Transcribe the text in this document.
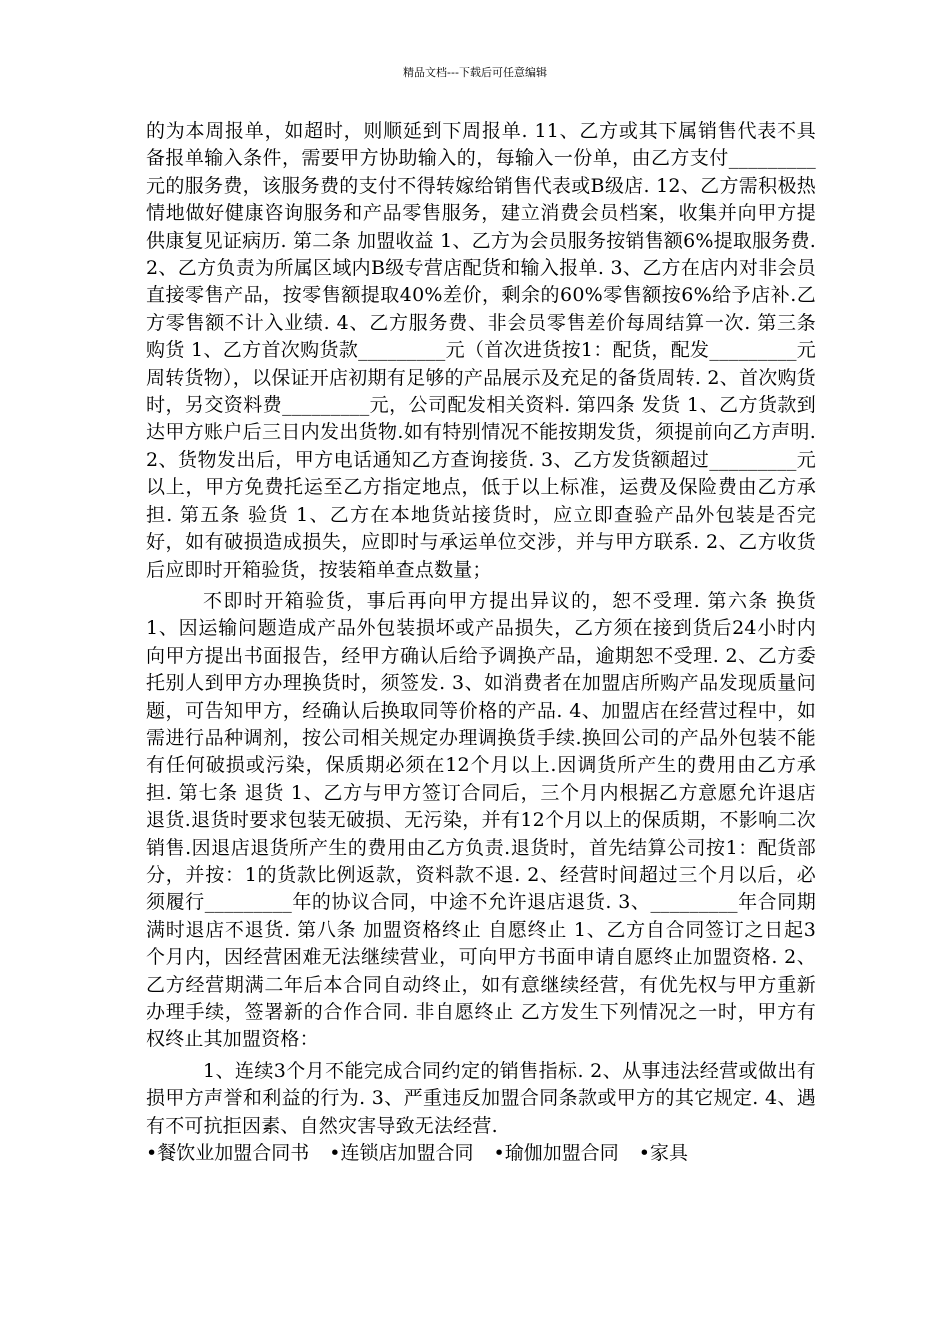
精品文档---下载后可任意编辑

的为本周报单，如超时，则顺延到下周报单. 11、乙方或其下属销售代表不具备报单输入条件，需要甲方协助输入的，每输入一份单，由乙方支付_________元的服务费，该服务费的支付不得转嫁给销售代表或B级店. 12、乙方需积极热情地做好健康咨询服务和产品零售服务，建立消费会员档案，收集并向甲方提供康复见证病历. 第二条 加盟收益 1、乙方为会员服务按销售额6%提取服务费. 2、乙方负责为所属区域内B级专营店配货和输入报单. 3、乙方在店内对非会员直接零售产品，按零售额提取40%差价，剩余的60%零售额按6%给予店补.乙方零售额不计入业绩. 4、乙方服务费、非会员零售差价每周结算一次. 第三条 购货 1、乙方首次购货款_________元（首次进货按1：配货，配发_________元周转货物），以保证开店初期有足够的产品展示及充足的备货周转. 2、首次购货时，另交资料费_________元，公司配发相关资料. 第四条 发货 1、乙方货款到达甲方账户后三日内发出货物.如有特别情况不能按期发货，须提前向乙方声明. 2、货物发出后，甲方电话通知乙方查询接货. 3、乙方发货额超过_________元以上，甲方免费托运至乙方指定地点，低于以上标准，运费及保险费由乙方承担. 第五条 验货 1、乙方在本地货站接货时，应立即查验产品外包装是否完好，如有破损造成损失，应即时与承运单位交涉，并与甲方联系. 2、乙方收货后应即时开箱验货，按装箱单查点数量；

不即时开箱验货，事后再向甲方提出异议的，恕不受理. 第六条 换货 1、因运输问题造成产品外包装损坏或产品损失，乙方须在接到货后24小时内向甲方提出书面报告，经甲方确认后给予调换产品，逾期恕不受理. 2、乙方委托别人到甲方办理换货时，须签发. 3、如消费者在加盟店所购产品发现质量问题，可告知甲方，经确认后换取同等价格的产品. 4、加盟店在经营过程中，如需进行品种调剂，按公司相关规定办理调换货手续.换回公司的产品外包装不能有任何破损或污染，保质期必须在12个月以上.因调货所产生的费用由乙方承担. 第七条 退货 1、乙方与甲方签订合同后，三个月内根据乙方意愿允许退店退货.退货时要求包装无破损、无污染，并有12个月以上的保质期，不影响二次销售.因退店退货所产生的费用由乙方负责.退货时，首先结算公司按1：配货部分，并按：1的货款比例返款，资料款不退. 2、经营时间超过三个月以后，必须履行_________年的协议合同，中途不允许退店退货. 3、_________年合同期满时退店不退货. 第八条 加盟资格终止 自愿终止 1、乙方自合同签订之日起3个月内，因经营困难无法继续营业，可向甲方书面申请自愿终止加盟资格. 2、乙方经营期满二年后本合同自动终止，如有意继续经营，有优先权与甲方重新办理手续，签署新的合作合同. 非自愿终止 乙方发生下列情况之一时，甲方有权终止其加盟资格：

1、连续3个月不能完成合同约定的销售指标. 2、从事违法经营或做出有损甲方声誉和利益的行为. 3、严重违反加盟合同条款或甲方的其它规定. 4、遇有不可抗拒因素、自然灾害导致无法经营.

•餐饮业加盟合同书 •连锁店加盟合同 •瑜伽加盟合同 •家具
